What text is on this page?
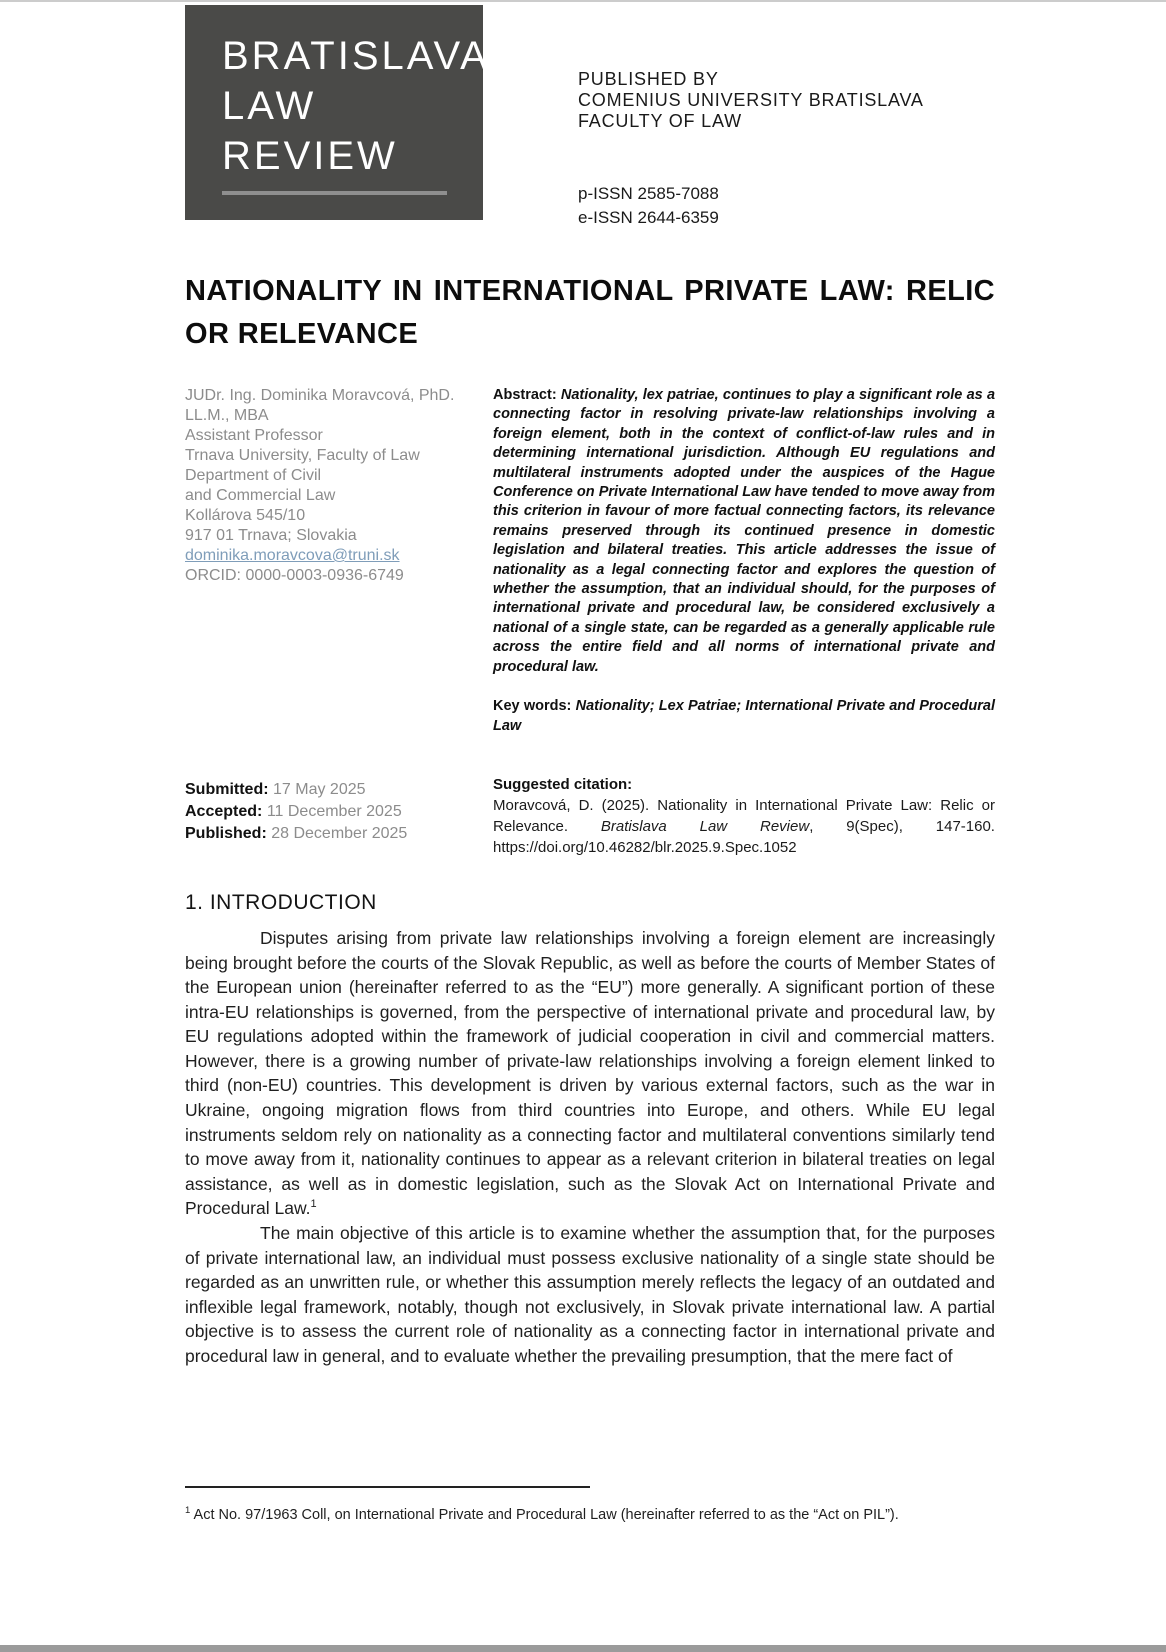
BRATISLAVA
LAW
REVIEW
PUBLISHED BY
COMENIUS UNIVERSITY BRATISLAVA
FACULTY OF LAW
p-ISSN 2585-7088
e-ISSN 2644-6359
NATIONALITY IN INTERNATIONAL PRIVATE LAW: RELIC OR RELEVANCE
JUDr. Ing. Dominika Moravcová, PhD.
LL.M., MBA
Assistant Professor
Trnava University, Faculty of Law
Department of Civil
and Commercial Law
Kollárova 545/10
917 01 Trnava; Slovakia
dominika.moravcova@truni.sk
ORCID: 0000-0003-0936-6749
Submitted: 17 May 2025
Accepted: 11 December 2025
Published: 28 December 2025

Abstract: Nationality, lex patriae, continues to play a significant role as a connecting factor in resolving private-law relationships involving a foreign element, both in the context of conflict-of-law rules and in determining international jurisdiction. Although EU regulations and multilateral instruments adopted under the auspices of the Hague Conference on Private International Law have tended to move away from this criterion in favour of more factual connecting factors, its relevance remains preserved through its continued presence in domestic legislation and bilateral treaties. This article addresses the issue of nationality as a legal connecting factor and explores the question of whether the assumption, that an individual should, for the purposes of international private and procedural law, be considered exclusively a national of a single state, can be regarded as a generally applicable rule across the entire field and all norms of international private and procedural law.

Key words: Nationality; Lex Patriae; International Private and Procedural Law

Suggested citation:

Moravcová, D. (2025). Nationality in International Private Law: Relic or Relevance. Bratislava Law Review, 9(Spec), 147-160. https://doi.org/10.46282/blr.2025.9.Spec.1052

1. INTRODUCTION

Disputes arising from private law relationships involving a foreign element are increasingly being brought before the courts of the Slovak Republic, as well as before the courts of Member States of the European union (hereinafter referred to as the “EU”) more generally. A significant portion of these intra-EU relationships is governed, from the perspective of international private and procedural law, by EU regulations adopted within the framework of judicial cooperation in civil and commercial matters. However, there is a growing number of private-law relationships involving a foreign element linked to third (non-EU) countries. This development is driven by various external factors, such as the war in Ukraine, ongoing migration flows from third countries into Europe, and others. While EU legal instruments seldom rely on nationality as a connecting factor and multilateral conventions similarly tend to move away from it, nationality continues to appear as a relevant criterion in bilateral treaties on legal assistance, as well as in domestic legislation, such as the Slovak Act on International Private and Procedural Law.$^1$

The main objective of this article is to examine whether the assumption that, for the purposes of private international law, an individual must possess exclusive nationality of a single state should be regarded as an unwritten rule, or whether this assumption merely reflects the legacy of an outdated and inflexible legal framework, notably, though not exclusively, in Slovak private international law. A partial objective is to assess the current role of nationality as a connecting factor in international private and procedural law in general, and to evaluate whether the prevailing presumption, that the mere fact of

$^1$ Act No. 97/1963 Coll, on International Private and Procedural Law (hereinafter referred to as the “Act on PIL”).
